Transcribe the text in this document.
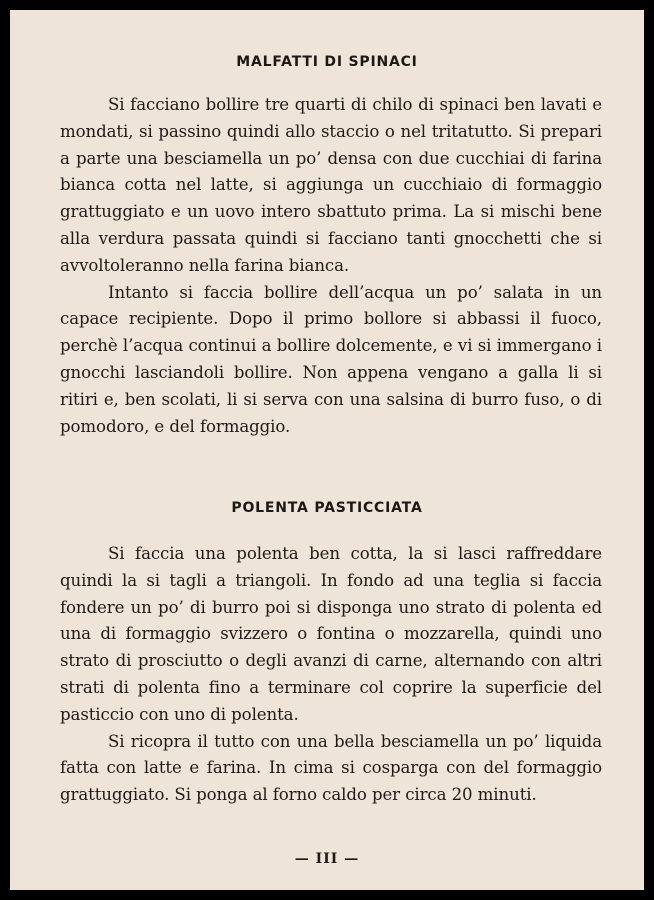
MALFATTI DI SPINACI

Si facciano bollire tre quarti di chilo di spinaci ben lavati e mondati, si passino quindi allo staccio o nel tritatutto. Si prepari a parte una besciamella un po’ densa con due cucchiai di farina bianca cotta nel latte, si aggiunga un cucchiaio di formaggio grattuggiato e un uovo intero sbattuto prima. La si mischi bene alla verdura passata quindi si facciano tanti gnocchetti che si avvoltoleranno nella farina bianca.

Intanto si faccia bollire dell’acqua un po’ salata in un capace recipiente. Dopo il primo bollore si abbassi il fuoco, perchè l’acqua continui a bollire dolcemente, e vi si immergano i gnocchi lasciandoli bollire. Non appena vengano a galla li si ritiri e, ben scolati, li si serva con una salsina di burro fuso, o di pomodoro, e del formaggio.

POLENTA PASTICCIATA

Si faccia una polenta ben cotta, la si lasci raffreddare quindi la si tagli a triangoli. In fondo ad una teglia si faccia fondere un po’ di burro poi si disponga uno strato di polenta ed una di formaggio svizzero o fontina o mozzarella, quindi uno strato di prosciutto o degli avanzi di carne, alternando con altri strati di polenta fino a terminare col coprire la superficie del pasticcio con uno di polenta.

Si ricopra il tutto con una bella besciamella un po’ liquida fatta con latte e farina. In cima si cosparga con del formaggio grattuggiato. Si ponga al forno caldo per circa 20 minuti.

— III —
